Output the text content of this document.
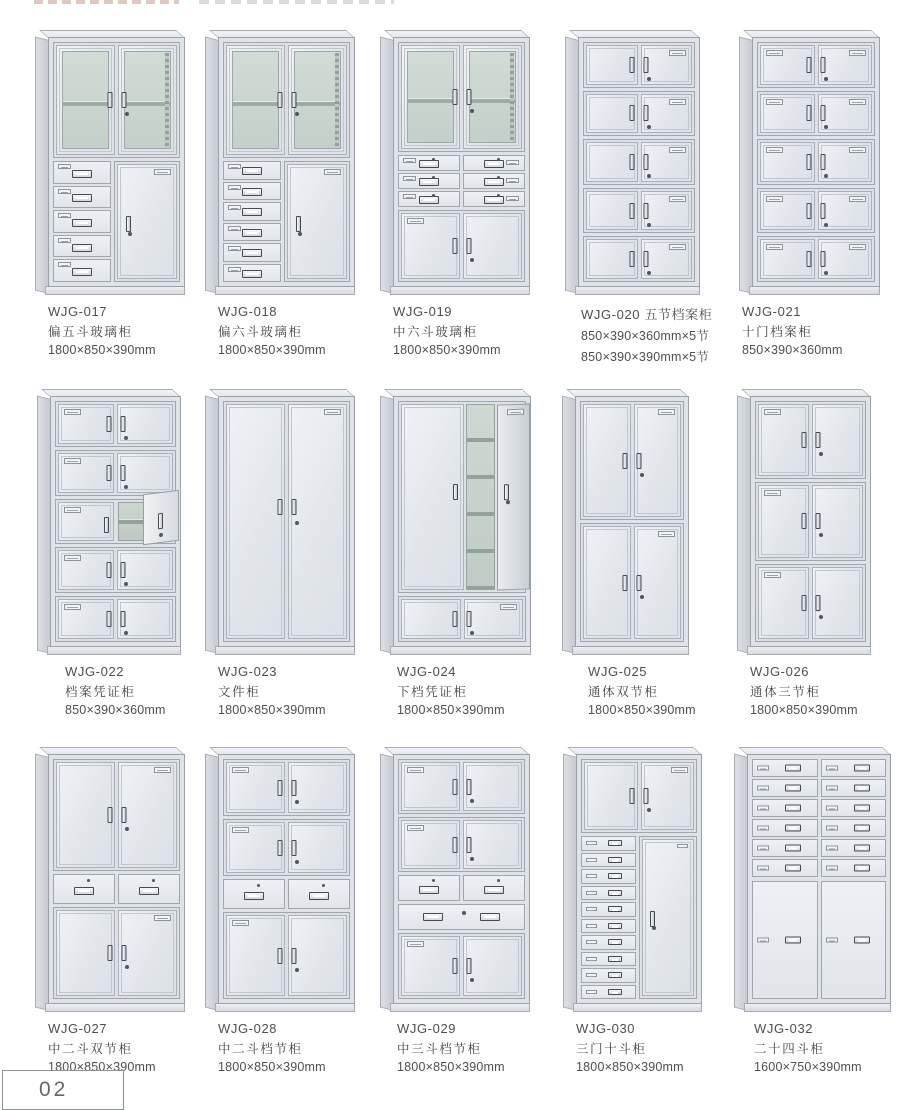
WJG-017
偏五斗玻璃柜
1800×850×390mm
WJG-018
偏六斗玻璃柜
1800×850×390mm
WJG-019
中六斗玻璃柜
1800×850×390mm
WJG-020 五节档案柜
850×390×360mm×5节
850×390×390mm×5节
WJG-021
十门档案柜
850×390×360mm
WJG-022
档案凭证柜
850×390×360mm
WJG-023
文件柜
1800×850×390mm
WJG-024
下档凭证柜
1800×850×390mm
WJG-025
通体双节柜
1800×850×390mm
WJG-026
通体三节柜
1800×850×390mm
WJG-027
中二斗双节柜
1800×850×390mm
WJG-028
中二斗档节柜
1800×850×390mm
WJG-029
中三斗档节柜
1800×850×390mm
WJG-030
三门十斗柜
1800×850×390mm
WJG-032
二十四斗柜
1600×750×390mm
02
